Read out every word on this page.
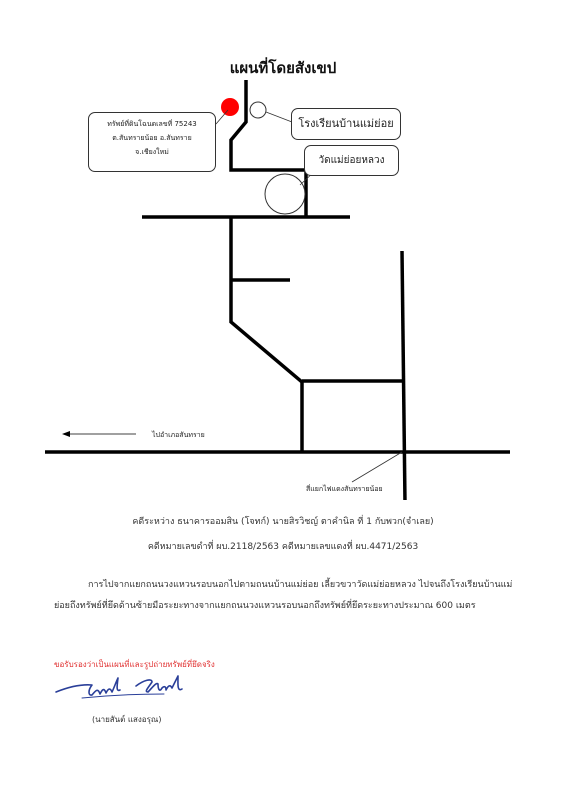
แผนที่โดยสังเขป
ทรัพย์ที่ดินโฉนดเลขที่ 75243
ต.สันทรายน้อย อ.สันทราย
จ.เชียงใหม่
โรงเรียนบ้านแม่ย่อย
วัดแม่ย่อยหลวง
ไปอำเภอสันทราย
สี่แยกไฟแดงสันทรายน้อย
คดีระหว่าง ธนาคารออมสิน (โจทก์) นายสิรวิชญ์ ตาคำนิล ที่ 1 กับพวก(จำเลย)
คดีหมายเลขดำที่ ผบ.2118/2563 คดีหมายเลขแดงที่ ผบ.4471/2563
การไปจากแยกถนนวงแหวนรอบนอกไปตามถนนบ้านแม่ย่อย เลี้ยวขวาวัดแม่ย่อยหลวง ไปจนถึงโรงเรียนบ้านแม่ย่อยถึงทรัพย์ที่ยึดด้านซ้ายมือระยะทางจากแยกถนนวงแหวนรอบนอกถึงทรัพย์ที่ยึดระยะทางประมาณ 600 เมตร
ขอรับรองว่าเป็นแผนที่และรูปถ่ายทรัพย์ที่ยึดจริง
(นายสันต์ แสงอรุณ)
